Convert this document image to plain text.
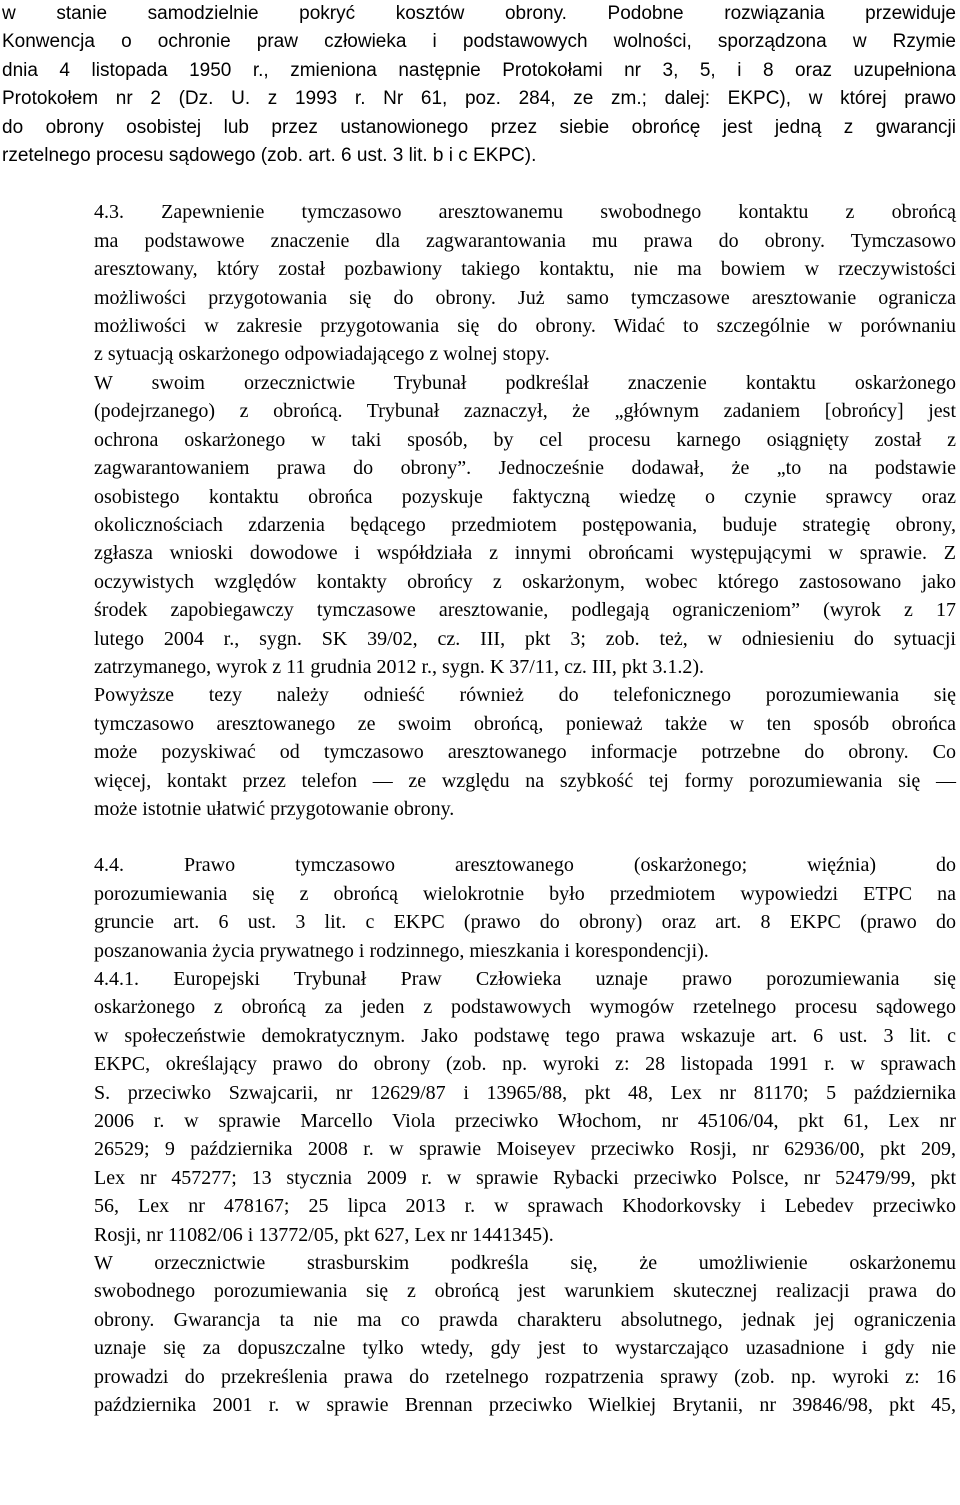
w stanie samodzielnie pokryć kosztów obrony. Podobne rozwiązania przewiduje
Konwencja o ochronie praw człowieka i podstawowych wolności, sporządzona w Rzymie
dnia 4 listopada 1950 r., zmieniona następnie Protokołami nr 3, 5, i 8 oraz uzupełniona
Protokołem nr 2 (Dz. U. z 1993 r. Nr 61, poz. 284, ze zm.; dalej: EKPC), w której prawo
do obrony osobistej lub przez ustanowionego przez siebie obrońcę jest jedną z gwarancji
rzetelnego procesu sądowego (zob. art. 6 ust. 3 lit. b i c EKPC).

4.3. Zapewnienie tymczasowo aresztowanemu swobodnego kontaktu z obrońcą
ma podstawowe znaczenie dla zagwarantowania mu prawa do obrony. Tymczasowo
aresztowany, który został pozbawiony takiego kontaktu, nie ma bowiem w rzeczywistości
możliwości przygotowania się do obrony. Już samo tymczasowe aresztowanie ogranicza
możliwości w zakresie przygotowania się do obrony. Widać to szczególnie w porównaniu
z sytuacją oskarżonego odpowiadającego z wolnej stopy.

W swoim orzecznictwie Trybunał podkreślał znaczenie kontaktu oskarżonego
(podejrzanego) z obrońcą. Trybunał zaznaczył, że „głównym zadaniem [obrońcy] jest
ochrona oskarżonego w taki sposób, by cel procesu karnego osiągnięty został z
zagwarantowaniem prawa do obrony”. Jednocześnie dodawał, że „to na podstawie
osobistego kontaktu obrońca pozyskuje faktyczną wiedzę o czynie sprawcy oraz
okolicznościach zdarzenia będącego przedmiotem postępowania, buduje strategię obrony,
zgłasza wnioski dowodowe i współdziała z innymi obrońcami występującymi w sprawie. Z
oczywistych względów kontakty obrońcy z oskarżonym, wobec którego zastosowano jako
środek zapobiegawczy tymczasowe aresztowanie, podlegają ograniczeniom” (wyrok z 17
lutego 2004 r., sygn. SK 39/02, cz. III, pkt 3; zob. też, w odniesieniu do sytuacji
zatrzymanego, wyrok z 11 grudnia 2012 r., sygn. K 37/11, cz. III, pkt 3.1.2).

Powyższe tezy należy odnieść również do telefonicznego porozumiewania się
tymczasowo aresztowanego ze swoim obrońcą, ponieważ także w ten sposób obrońca
może pozyskiwać od tymczasowo aresztowanego informacje potrzebne do obrony. Co
więcej, kontakt przez telefon — ze względu na szybkość tej formy porozumiewania się —
może istotnie ułatwić przygotowanie obrony.

4.4. Prawo tymczasowo aresztowanego (oskarżonego; więźnia) do
porozumiewania się z obrońcą wielokrotnie było przedmiotem wypowiedzi ETPC na
gruncie art. 6 ust. 3 lit. c EKPC (prawo do obrony) oraz art. 8 EKPC (prawo do
poszanowania życia prywatnego i rodzinnego, mieszkania i korespondencji).

4.4.1. Europejski Trybunał Praw Człowieka uznaje prawo porozumiewania się
oskarżonego z obrońcą za jeden z podstawowych wymogów rzetelnego procesu sądowego
w społeczeństwie demokratycznym. Jako podstawę tego prawa wskazuje art. 6 ust. 3 lit. c
EKPC, określający prawo do obrony (zob. np. wyroki z: 28 listopada 1991 r. w sprawach
S. przeciwko Szwajcarii, nr 12629/87 i 13965/88, pkt 48, Lex nr 81170; 5 października
2006 r. w sprawie Marcello Viola przeciwko Włochom, nr 45106/04, pkt 61, Lex nr
26529; 9 października 2008 r. w sprawie Moiseyev przeciwko Rosji, nr 62936/00, pkt 209,
Lex nr 457277; 13 stycznia 2009 r. w sprawie Rybacki przeciwko Polsce, nr 52479/99, pkt
56, Lex nr 478167; 25 lipca 2013 r. w sprawach Khodorkovsky i Lebedev przeciwko
Rosji, nr 11082/06 i 13772/05, pkt 627, Lex nr 1441345).

W orzecznictwie strasburskim podkreśla się, że umożliwienie oskarżonemu
swobodnego porozumiewania się z obrońcą jest warunkiem skutecznej realizacji prawa do
obrony. Gwarancja ta nie ma co prawda charakteru absolutnego, jednak jej ograniczenia
uznaje się za dopuszczalne tylko wtedy, gdy jest to wystarczająco uzasadnione i gdy nie
prowadzi do przekreślenia prawa do rzetelnego rozpatrzenia sprawy (zob. np. wyroki z: 16
października 2001 r. w sprawie Brennan przeciwko Wielkiej Brytanii, nr 39846/98, pkt 45,
